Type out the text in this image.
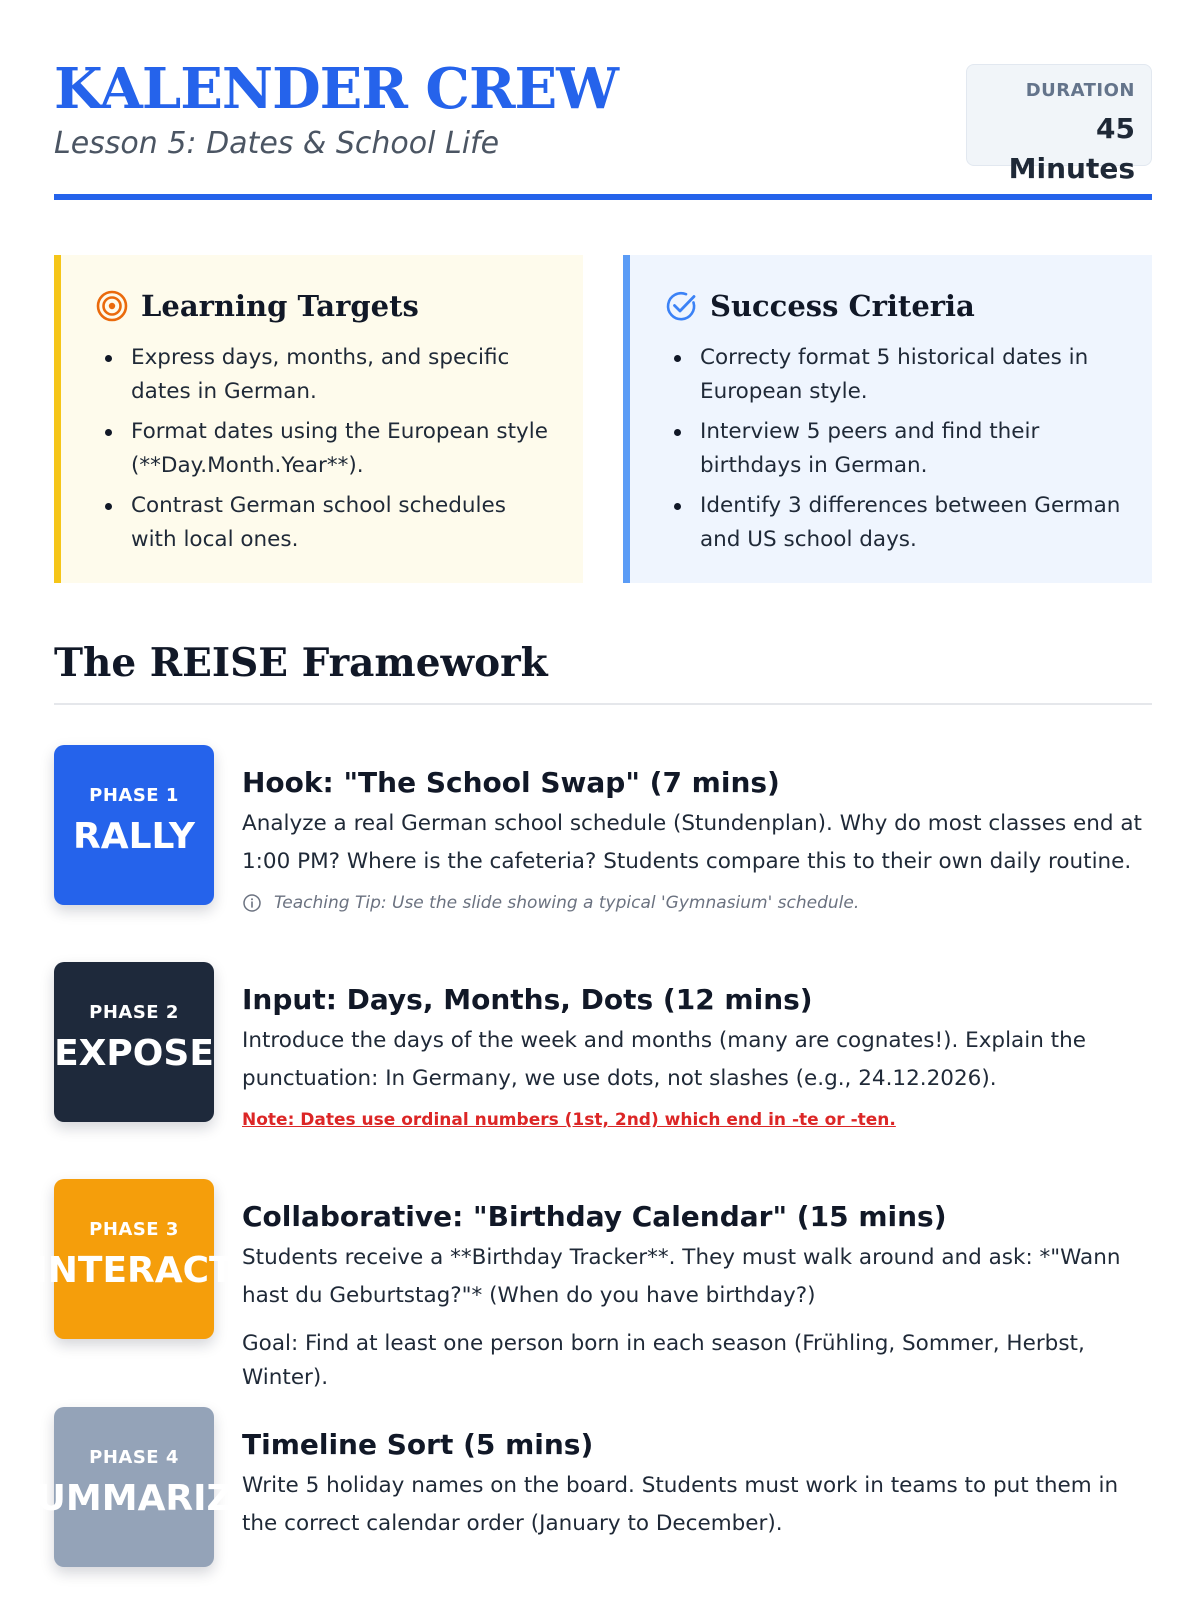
KALENDER CREW
Lesson 5: Dates & School Life
DURATION
45 Minutes
Learning Targets
Express days, months, and specific dates in German.
Format dates using the European style (**Day.Month.Year**).
Contrast German school schedules with local ones.
Success Criteria
Correcty format 5 historical dates in European style.
Interview 5 peers and find their birthdays in German.
Identify 3 differences between German and US school days.
The REISE Framework
PHASE 1
RALLY
Hook: "The School Swap" (7 mins)
Analyze a real German school schedule (Stundenplan). Why do most classes end at 1:00 PM? Where is the cafeteria? Students compare this to their own daily routine.
Teaching Tip: Use the slide showing a typical 'Gymnasium' schedule.
PHASE 2
EXPOSE
Input: Days, Months, Dots (12 mins)
Introduce the days of the week and months (many are cognates!). Explain the punctuation: In Germany, we use dots, not slashes (e.g., 24.12.2026).
Note: Dates use ordinal numbers (1st, 2nd) which end in -te or -ten.
PHASE 3
INTERACT
Collaborative: "Birthday Calendar" (15 mins)
Students receive a **Birthday Tracker**. They must walk around and ask: *"Wann hast du Geburtstag?"* (When do you have birthday?)
Goal: Find at least one person born in each season (Frühling, Sommer, Herbst, Winter).
PHASE 4
SUMMARIZE
Timeline Sort (5 mins)
Write 5 holiday names on the board. Students must work in teams to put them in the correct calendar order (January to December).
